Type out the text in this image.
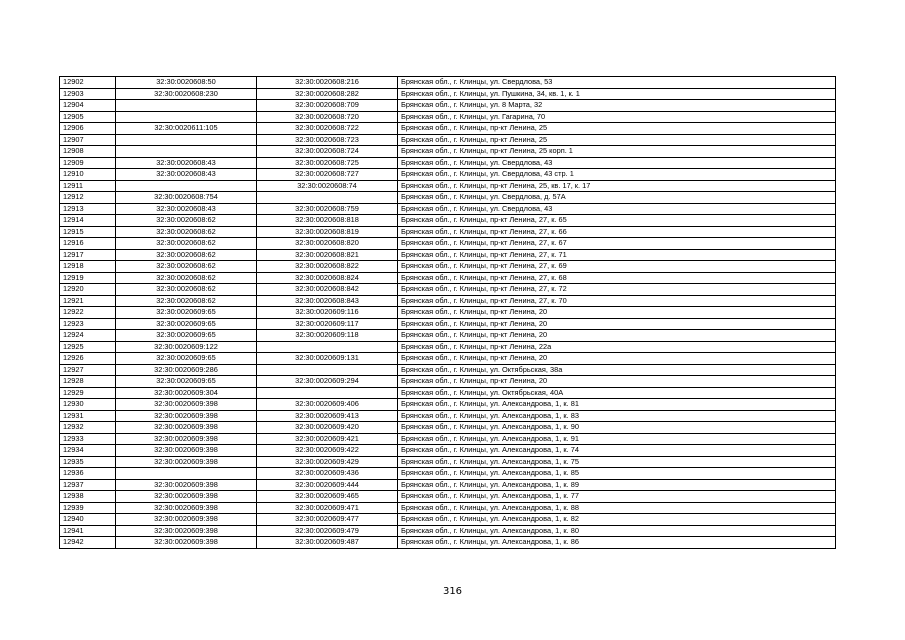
12902	32:30:0020608:50	32:30:0020608:216	Брянская обл., г. Клинцы, ул. Свердлова, 53
12903	32:30:0020608:230	32:30:0020608:282	Брянская обл., г. Клинцы, ул. Пушкина, 34, кв. 1, к. 1
12904		32:30:0020608:709	Брянская обл., г. Клинцы, ул. 8 Марта, 32
12905		32:30:0020608:720	Брянская обл., г. Клинцы, ул. Гагарина, 70
12906	32:30:0020611:105	32:30:0020608:722	Брянская обл., г. Клинцы, пр-кт Ленина, 25
12907		32:30:0020608:723	Брянская обл., г. Клинцы, пр-кт Ленина, 25
12908		32:30:0020608:724	Брянская обл., г. Клинцы, пр-кт Ленина, 25 корп. 1
12909	32:30:0020608:43	32:30:0020608:725	Брянская обл., г. Клинцы, ул. Свердлова, 43
12910	32:30:0020608:43	32:30:0020608:727	Брянская обл., г. Клинцы, ул. Свердлова, 43 стр. 1
12911		32:30:0020608:74	Брянская обл., г. Клинцы, пр-кт Ленина, 25, кв. 17, к. 17
12912	32:30:0020608:754		Брянская обл., г. Клинцы, ул. Свердлова, д. 57А
12913	32:30:0020608:43	32:30:0020608:759	Брянская обл., г. Клинцы, ул. Свердлова, 43
12914	32:30:0020608:62	32:30:0020608:818	Брянская обл., г. Клинцы, пр-кт Ленина, 27, к. 65
12915	32:30:0020608:62	32:30:0020608:819	Брянская обл., г. Клинцы, пр-кт Ленина, 27, к. 66
12916	32:30:0020608:62	32:30:0020608:820	Брянская обл., г. Клинцы, пр-кт Ленина, 27, к. 67
12917	32:30:0020608:62	32:30:0020608:821	Брянская обл., г. Клинцы, пр-кт Ленина, 27, к. 71
12918	32:30:0020608:62	32:30:0020608:822	Брянская обл., г. Клинцы, пр-кт Ленина, 27, к. 69
12919	32:30:0020608:62	32:30:0020608:824	Брянская обл., г. Клинцы, пр-кт Ленина, 27, к. 68
12920	32:30:0020608:62	32:30:0020608:842	Брянская обл., г. Клинцы, пр-кт Ленина, 27, к. 72
12921	32:30:0020608:62	32:30:0020608:843	Брянская обл., г. Клинцы, пр-кт Ленина, 27, к. 70
12922	32:30:0020609:65	32:30:0020609:116	Брянская обл., г. Клинцы, пр-кт Ленина, 20
12923	32:30:0020609:65	32:30:0020609:117	Брянская обл., г. Клинцы, пр-кт Ленина, 20
12924	32:30:0020609:65	32:30:0020609:118	Брянская обл., г. Клинцы, пр-кт Ленина, 20
12925	32:30:0020609:122		Брянская обл., г. Клинцы, пр-кт Ленина, 22а
12926	32:30:0020609:65	32:30:0020609:131	Брянская обл., г. Клинцы, пр-кт Ленина, 20
12927	32:30:0020609:286		Брянская обл., г. Клинцы, ул. Октябрьская, 38а
12928	32:30:0020609:65	32:30:0020609:294	Брянская обл., г. Клинцы, пр-кт Ленина, 20
12929	32:30:0020609:304		Брянская обл., г. Клинцы, ул. Октябрьская, 40А
12930	32:30:0020609:398	32:30:0020609:406	Брянская обл., г. Клинцы, ул. Александрова, 1, к. 81
12931	32:30:0020609:398	32:30:0020609:413	Брянская обл., г. Клинцы, ул. Александрова, 1, к. 83
12932	32:30:0020609:398	32:30:0020609:420	Брянская обл., г. Клинцы, ул. Александрова, 1, к. 90
12933	32:30:0020609:398	32:30:0020609:421	Брянская обл., г. Клинцы, ул. Александрова, 1, к. 91
12934	32:30:0020609:398	32:30:0020609:422	Брянская обл., г. Клинцы, ул. Александрова, 1, к. 74
12935	32:30:0020609:398	32:30:0020609:429	Брянская обл., г. Клинцы, ул. Александрова, 1, к. 75
12936		32:30:0020609:436	Брянская обл., г. Клинцы, ул. Александрова, 1, к. 85
12937	32:30:0020609:398	32:30:0020609:444	Брянская обл., г. Клинцы, ул. Александрова, 1, к. 89
12938	32:30:0020609:398	32:30:0020609:465	Брянская обл., г. Клинцы, ул. Александрова, 1, к. 77
12939	32:30:0020609:398	32:30:0020609:471	Брянская обл., г. Клинцы, ул. Александрова, 1, к. 88
12940	32:30:0020609:398	32:30:0020609:477	Брянская обл., г. Клинцы, ул. Александрова, 1, к. 82
12941	32:30:0020609:398	32:30:0020609:479	Брянская обл., г. Клинцы, ул. Александрова, 1, к. 80
12942	32:30:0020609:398	32:30:0020609:487	Брянская обл., г. Клинцы, ул. Александрова, 1, к. 86
316
